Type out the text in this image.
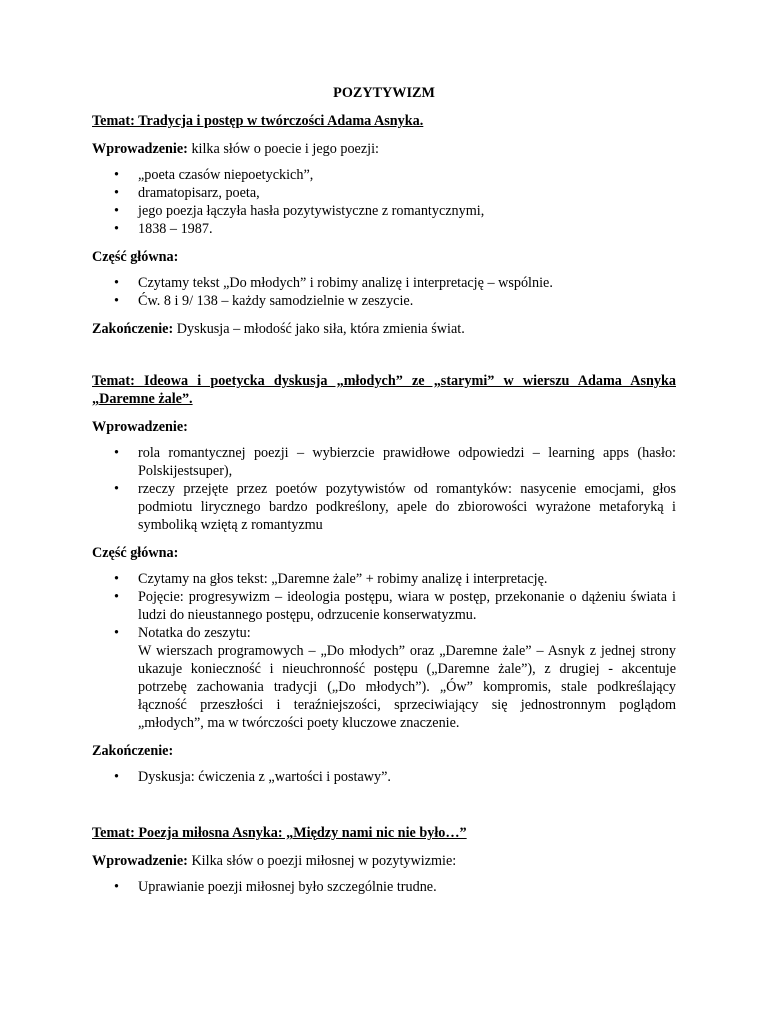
POZYTYWIZM
Temat: Tradycja i postęp w twórczości Adama Asnyka.

Wprowadzenie: kilka słów o poecie i jego poezji:

• „poeta czasów niepoetyckich”,
• dramatopisarz, poeta,
• jego poezja łączyła hasła pozytywistyczne z romantycznymi,
• 1838 – 1987.

Część główna:

• Czytamy tekst „Do młodych” i robimy analizę i interpretację – wspólnie.
• Ćw. 8 i 9/ 138 – każdy samodzielnie w zeszycie.

Zakończenie: Dyskusja – młodość jako siła, która zmienia świat.

Temat: Ideowa i poetycka dyskusja „młodych” ze „starymi” w wierszu Adama Asnyka „Daremne żale”.

Wprowadzenie:

• rola romantycznej poezji – wybierzcie prawidłowe odpowiedzi – learning apps (hasło: Polskijestsuper),
• rzeczy przejęte przez poetów pozytywistów od romantyków: nasycenie emocjami, głos podmiotu lirycznego bardzo podkreślony, apele do zbiorowości wyrażone metaforyką i symboliką wziętą z romantyzmu

Część główna:

• Czytamy na głos tekst: „Daremne żale” + robimy analizę i interpretację.
• Pojęcie: progresywizm – ideologia postępu, wiara w postęp, przekonanie o dążeniu świata i ludzi do nieustannego postępu, odrzucenie konserwatyzmu.
• Notatka do zeszytu:
W wierszach programowych – „Do młodych” oraz „Daremne żale” – Asnyk z jednej strony ukazuje konieczność i nieuchronność postępu („Daremne żale”), z drugiej - akcentuje potrzebę zachowania tradycji („Do młodych”). „Ów” kompromis, stale podkreślający łączność przeszłości i teraźniejszości, sprzeciwiający się jednostronnym poglądom „młodych”, ma w twórczości poety kluczowe znaczenie.

Zakończenie:

• Dyskusja: ćwiczenia z „wartości i postawy”.
Temat: Poezja miłosna Asnyka: „Między nami nic nie było…”

Wprowadzenie: Kilka słów o poezji miłosnej w pozytywizmie:

• Uprawianie poezji miłosnej było szczególnie trudne.
